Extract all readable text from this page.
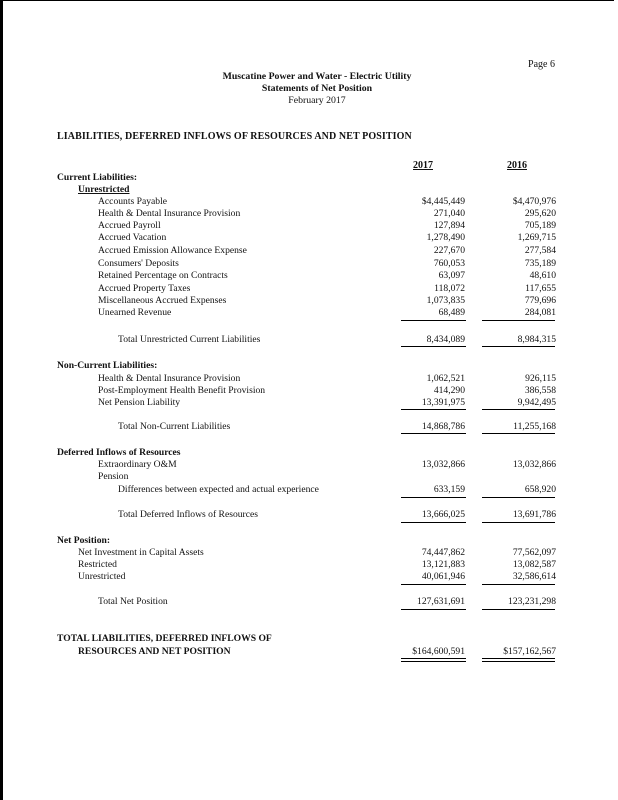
Page 6
Muscatine Power and Water - Electric Utility
Statements of Net Position
February 2017
LIABILITIES, DEFERRED INFLOWS OF RESOURCES AND NET POSITION
2017	2016
Current Liabilities:
Unrestricted
Accounts Payable	$4,445,449	$4,470,976
Health & Dental Insurance Provision	271,040	295,620
Accrued Payroll	127,894	705,189
Accrued Vacation	1,278,490	1,269,715
Accrued Emission Allowance Expense	227,670	277,584
Consumers' Deposits	760,053	735,189
Retained Percentage on Contracts	63,097	48,610
Accrued Property Taxes	118,072	117,655
Miscellaneous Accrued Expenses	1,073,835	779,696
Unearned Revenue	68,489	284,081
Total Unrestricted Current Liabilities	8,434,089	8,984,315
Non-Current Liabilities:
Health & Dental Insurance Provision	1,062,521	926,115
Post-Employment Health Benefit Provision	414,290	386,558
Net Pension Liability	13,391,975	9,942,495
Total Non-Current Liabilities	14,868,786	11,255,168
Deferred Inflows of Resources
Extraordinary O&M	13,032,866	13,032,866
Pension
Differences between expected and actual experience	633,159	658,920
Total Deferred Inflows of Resources	13,666,025	13,691,786
Net Position:
Net Investment in Capital Assets	74,447,862	77,562,097
Restricted	13,121,883	13,082,587
Unrestricted	40,061,946	32,586,614
Total Net Position	127,631,691	123,231,298
TOTAL LIABILITIES, DEFERRED INFLOWS OF
RESOURCES AND NET POSITION	$164,600,591	$157,162,567
